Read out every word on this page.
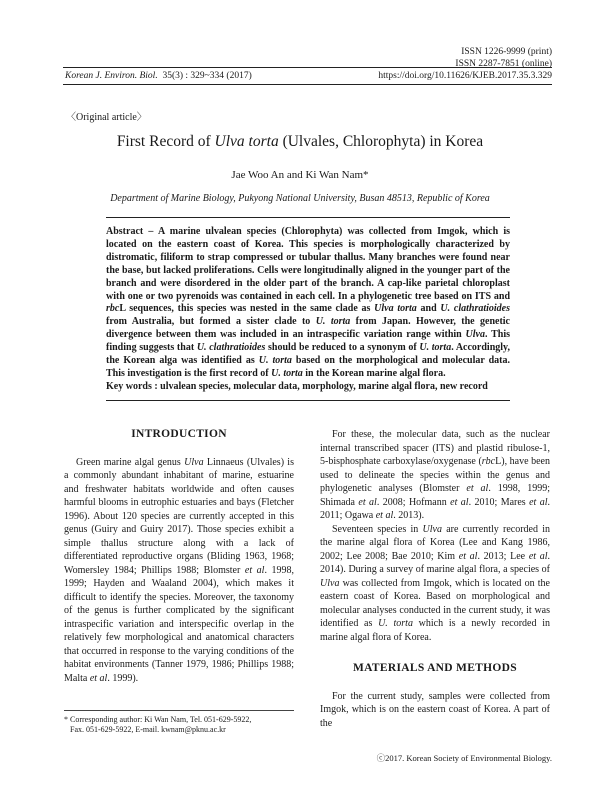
ISSN 1226-9999 (print)
ISSN 2287-7851 (online)
Korean J. Environ. Biol. 35(3) : 329~334 (2017)	https://doi.org/10.11626/KJEB.2017.35.3.329
〈Original article〉
First Record of Ulva torta (Ulvales, Chlorophyta) in Korea
Jae Woo An and Ki Wan Nam*
Department of Marine Biology, Pukyong National University, Busan 48513, Republic of Korea

Abstract – A marine ulvalean species (Chlorophyta) was collected from Imgok, which is located on the eastern coast of Korea. This species is morphologically characterized by distromatic, filiform to strap compressed or tubular thallus. Many branches were found near the base, but lacked proliferations. Cells were longitudinally aligned in the younger part of the branch and were disordered in the older part of the branch. A cap-like parietal chloroplast with one or two pyrenoids was contained in each cell. In a phylogenetic tree based on ITS and rbcL sequences, this species was nested in the same clade as Ulva torta and U. clathratioides from Australia, but formed a sister clade to U. torta from Japan. However, the genetic divergence between them was included in an intraspecific variation range within Ulva. This finding suggests that U. clathratioides should be reduced to a synonym of U. torta. Accordingly, the Korean alga was identified as U. torta based on the morphological and molecular data. This investigation is the first record of U. torta in the Korean marine algal flora.

Key words : ulvalean species, molecular data, morphology, marine algal flora, new record

INTRODUCTION

Green marine algal genus Ulva Linnaeus (Ulvales) is a commonly abundant inhabitant of marine, estuarine and freshwater habitats worldwide and often causes harmful blooms in eutrophic estuaries and bays (Fletcher 1996). About 120 species are currently accepted in this genus (Guiry and Guiry 2017). Those species exhibit a simple thallus structure along with a lack of differentiated reproductive organs (Bliding 1963, 1968; Womersley 1984; Phillips 1988; Blomster et al. 1998, 1999; Hayden and Waaland 2004), which makes it difficult to identify the species. Moreover, the taxonomy of the genus is further complicated by the significant intraspecific variation and interspecific overlap in the relatively few morphological and anatomical characters that occurred in response to the varying conditions of the habitat environments (Tanner 1979, 1986; Phillips 1988; Malta et al. 1999).

For these, the molecular data, such as the nuclear internal transcribed spacer (ITS) and plastid ribulose-1, 5-bisphosphate carboxylase/oxygenase (rbcL), have been used to delineate the species within the genus and phylogenetic analyses (Blomster et al. 1998, 1999; Shimada et al. 2008; Hofmann et al. 2010; Mares et al. 2011; Ogawa et al. 2013).

Seventeen species in Ulva are currently recorded in the marine algal flora of Korea (Lee and Kang 1986, 2002; Lee 2008; Bae 2010; Kim et al. 2013; Lee et al. 2014). During a survey of marine algal flora, a species of Ulva was collected from Imgok, which is located on the eastern coast of Korea. Based on morphological and molecular analyses conducted in the current study, it was identified as U. torta which is a newly recorded in marine algal flora of Korea.

MATERIALS AND METHODS

For the current study, samples were collected from Imgok, which is on the eastern coast of Korea. A part of the

* Corresponding author: Ki Wan Nam, Tel. 051-629-5922,
Fax. 051-629-5922, E-mail. kwnam@pknu.ac.kr
ⓒ2017. Korean Society of Environmental Biology.
